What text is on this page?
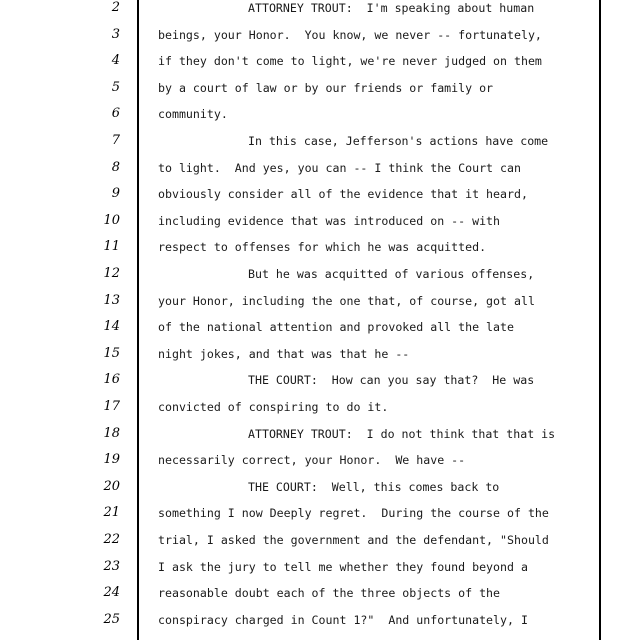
2	ATTORNEY TROUT:  I'm speaking about human
3	beings, your Honor.  You know, we never -- fortunately,
4	if they don't come to light, we're never judged on them
5	by a court of law or by our friends or family or
6	community.
7	In this case, Jefferson's actions have come
8	to light.  And yes, you can -- I think the Court can
9	obviously consider all of the evidence that it heard,
10	including evidence that was introduced on -- with
11	respect to offenses for which he was acquitted.
12	But he was acquitted of various offenses,
13	your Honor, including the one that, of course, got all
14	of the national attention and provoked all the late
15	night jokes, and that was that he --
16	THE COURT:  How can you say that?  He was
17	convicted of conspiring to do it.
18	ATTORNEY TROUT:  I do not think that that is
19	necessarily correct, your Honor.  We have --
20	THE COURT:  Well, this comes back to
21	something I now Deeply regret.  During the course of the
22	trial, I asked the government and the defendant, "Should
23	I ask the jury to tell me whether they found beyond a
24	reasonable doubt each of the three objects of the
25	conspiracy charged in Count 1?"  And unfortunately, I
